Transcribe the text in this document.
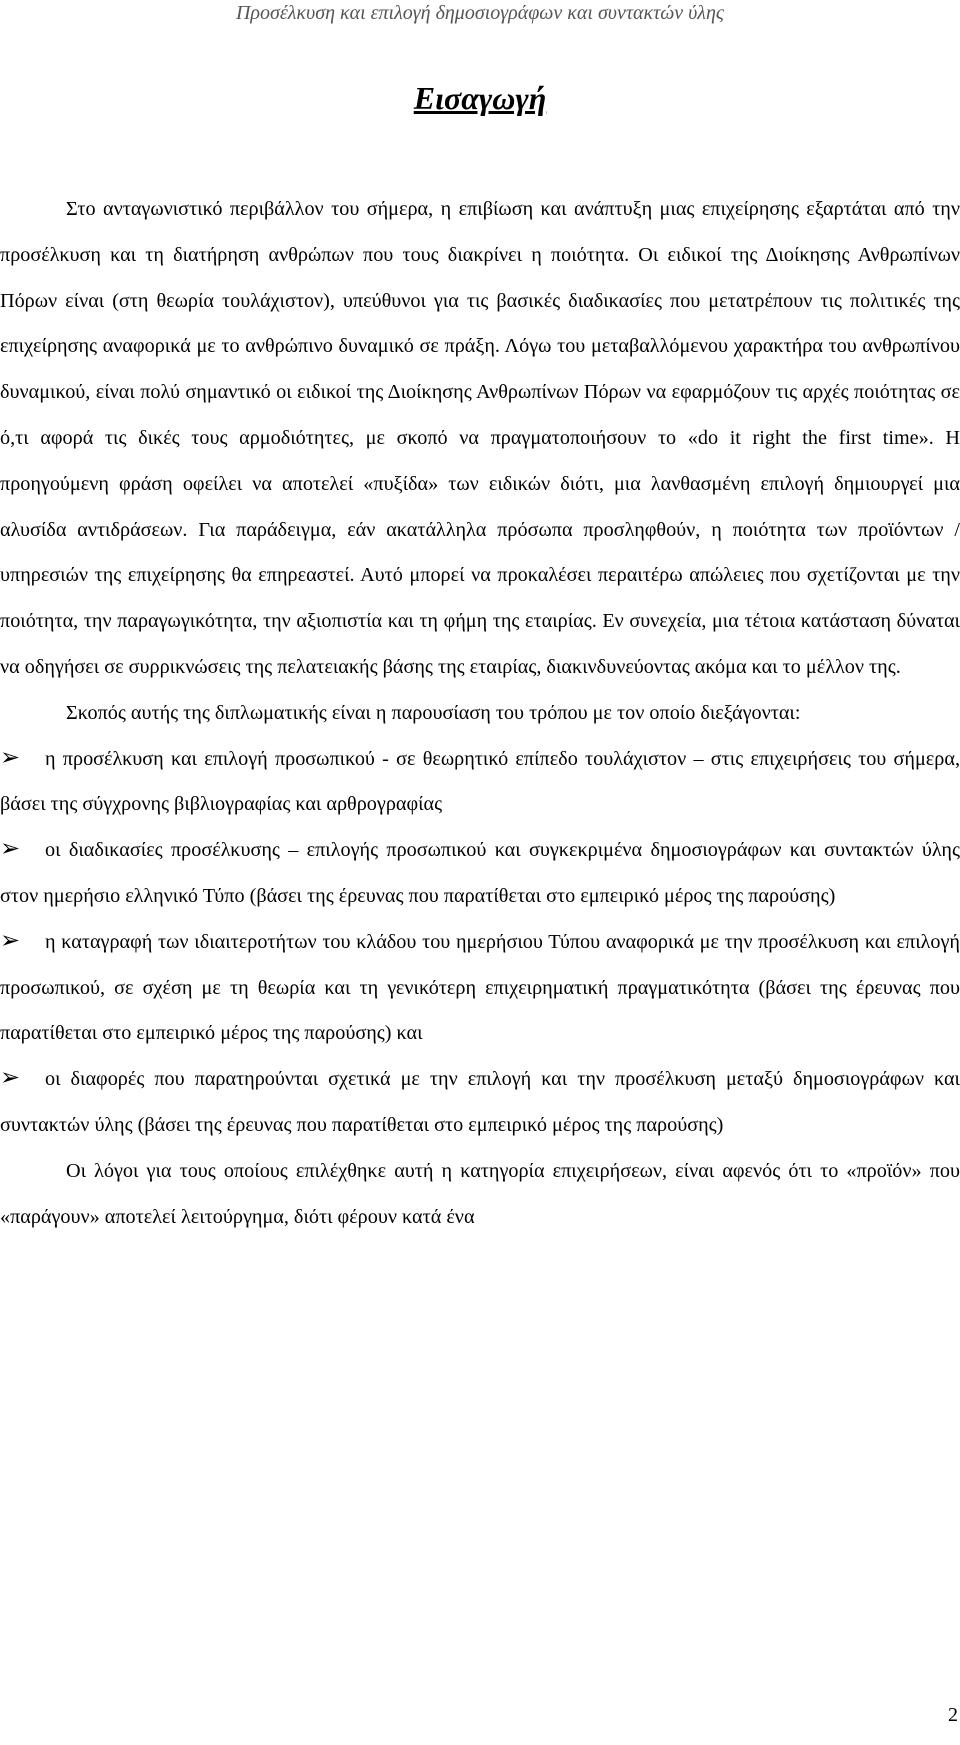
Προσέλκυση και επιλογή δημοσιογράφων και συντακτών ύλης
Εισαγωγή

Στο ανταγωνιστικό περιβάλλον του σήμερα, η επιβίωση και ανάπτυξη μιας επιχείρησης εξαρτάται από την προσέλκυση και τη διατήρηση ανθρώπων που τους διακρίνει η ποιότητα. Οι ειδικοί της Διοίκησης Ανθρωπίνων Πόρων είναι (στη θεωρία τουλάχιστον), υπεύθυνοι για τις βασικές διαδικασίες που μετατρέπουν τις πολιτικές της επιχείρησης αναφορικά με το ανθρώπινο δυναμικό σε πράξη. Λόγω του μεταβαλλόμενου χαρακτήρα του ανθρωπίνου δυναμικού, είναι πολύ σημαντικό οι ειδικοί της Διοίκησης Ανθρωπίνων Πόρων να εφαρμόζουν τις αρχές ποιότητας σε ό,τι αφορά τις δικές τους αρμοδιότητες, με σκοπό να πραγματοποιήσουν το «do it right the first time». Η προηγούμενη φράση οφείλει να αποτελεί «πυξίδα» των ειδικών διότι, μια λανθασμένη επιλογή δημιουργεί μια αλυσίδα αντιδράσεων. Για παράδειγμα, εάν ακατάλληλα πρόσωπα προσληφθούν, η ποιότητα των προϊόντων / υπηρεσιών της επιχείρησης θα επηρεαστεί. Αυτό μπορεί να προκαλέσει περαιτέρω απώλειες που σχετίζονται με την ποιότητα, την παραγωγικότητα, την αξιοπιστία και τη φήμη της εταιρίας. Εν συνεχεία, μια τέτοια κατάσταση δύναται να οδηγήσει σε συρρικνώσεις της πελατειακής βάσης της εταιρίας, διακινδυνεύοντας ακόμα και το μέλλον της.

Σκοπός αυτής της διπλωματικής είναι η παρουσίαση του τρόπου με τον οποίο διεξάγονται:

➢ η προσέλκυση και επιλογή προσωπικού - σε θεωρητικό επίπεδο τουλάχιστον – στις επιχειρήσεις του σήμερα, βάσει της σύγχρονης βιβλιογραφίας και αρθρογραφίας

➢ οι διαδικασίες προσέλκυσης – επιλογής προσωπικού και συγκεκριμένα δημοσιογράφων και συντακτών ύλης στον ημερήσιο ελληνικό Τύπο (βάσει της έρευνας που παρατίθεται στο εμπειρικό μέρος της παρούσης)

➢ η καταγραφή των ιδιαιτεροτήτων του κλάδου του ημερήσιου Τύπου αναφορικά με την προσέλκυση και επιλογή προσωπικού, σε σχέση με τη θεωρία και τη γενικότερη επιχειρηματική πραγματικότητα (βάσει της έρευνας που παρατίθεται στο εμπειρικό μέρος της παρούσης) και

➢ οι διαφορές που παρατηρούνται σχετικά με την επιλογή και την προσέλκυση μεταξύ δημοσιογράφων και συντακτών ύλης (βάσει της έρευνας που παρατίθεται στο εμπειρικό μέρος της παρούσης)

Οι λόγοι για τους οποίους επιλέχθηκε αυτή η κατηγορία επιχειρήσεων, είναι αφενός ότι το «προϊόν» που «παράγουν» αποτελεί λειτούργημα, διότι φέρουν κατά ένα

2
